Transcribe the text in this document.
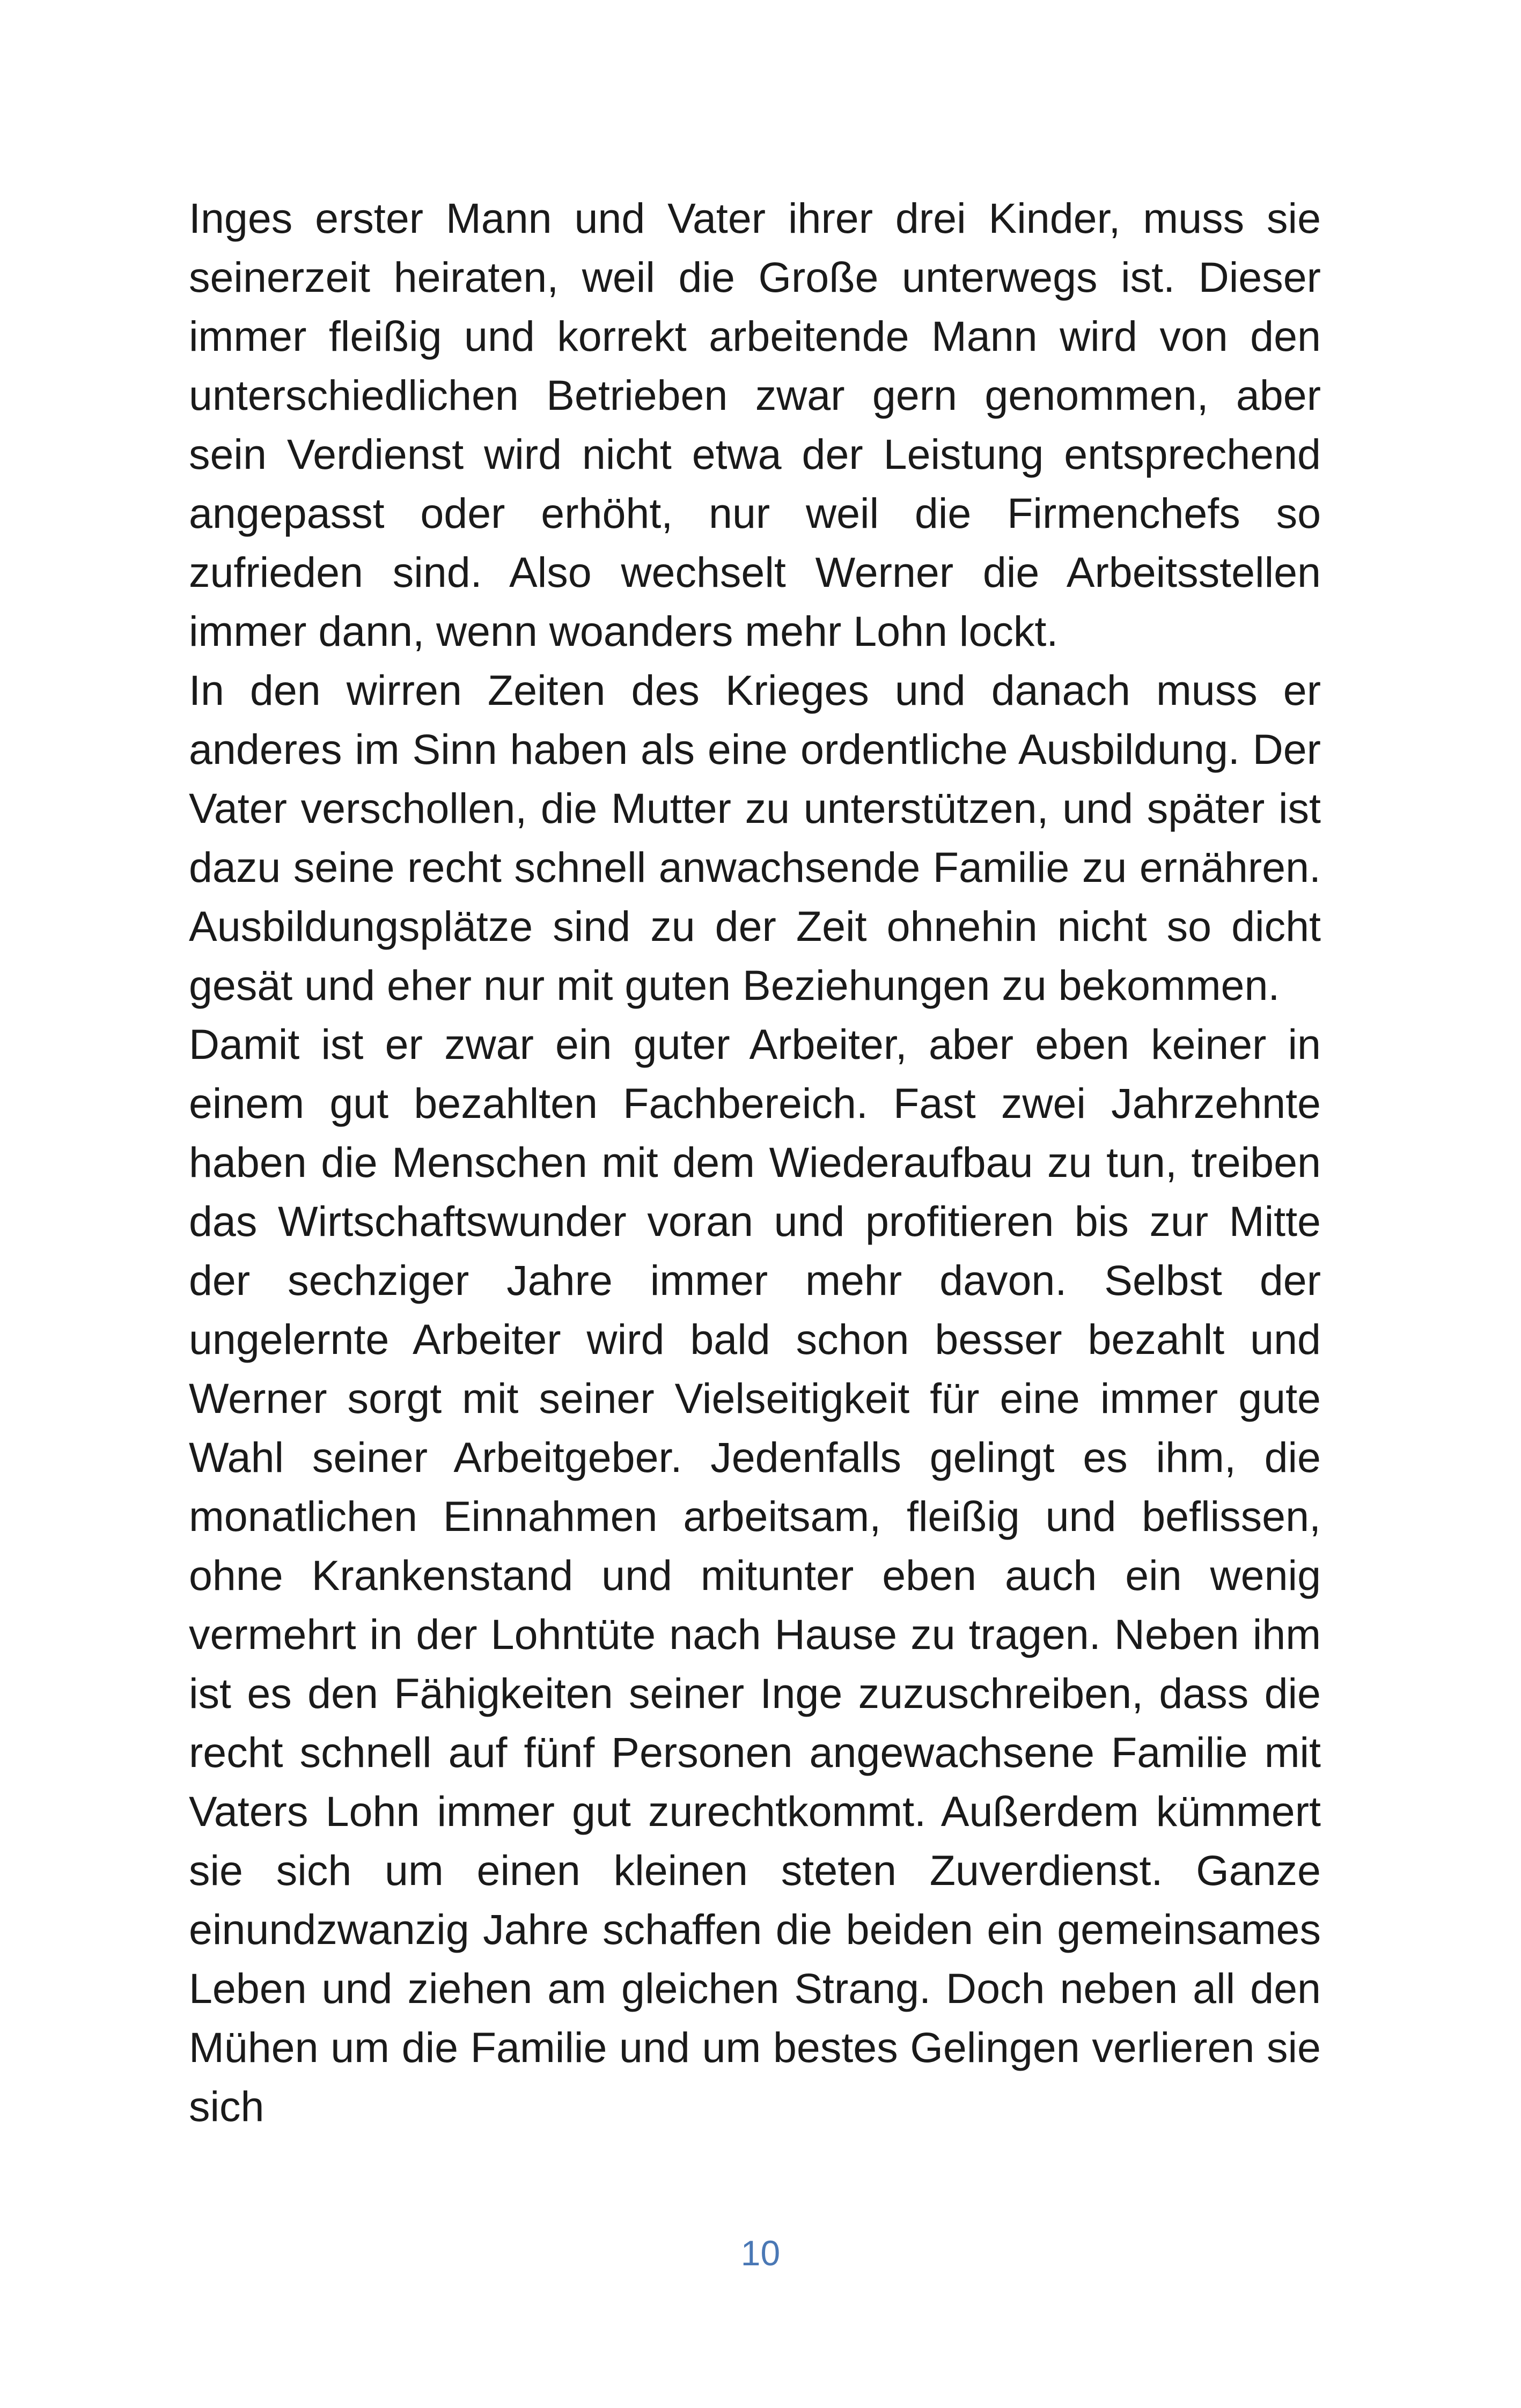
Inges erster Mann und Vater ihrer drei Kinder, muss sie seinerzeit heiraten, weil die Große unterwegs ist. Dieser immer fleißig und korrekt arbeitende Mann wird von den unterschiedlichen Betrieben zwar gern genommen, aber sein Verdienst wird nicht etwa der Leistung entsprechend angepasst oder erhöht, nur weil die Firmenchefs so zufrieden sind. Also wechselt Werner die Arbeitsstellen immer dann, wenn woanders mehr Lohn lockt.

In den wirren Zeiten des Krieges und danach muss er anderes im Sinn haben als eine ordentliche Ausbildung. Der Vater verschollen, die Mutter zu unterstützen, und später ist dazu seine recht schnell anwachsende Familie zu ernähren. Ausbildungsplätze sind zu der Zeit ohnehin nicht so dicht gesät und eher nur mit guten Beziehungen zu bekommen.

Damit ist er zwar ein guter Arbeiter, aber eben keiner in einem gut bezahlten Fachbereich. Fast zwei Jahrzehnte haben die Menschen mit dem Wiederaufbau zu tun, treiben das Wirtschaftswunder voran und profitieren bis zur Mitte der sechziger Jahre immer mehr davon. Selbst der ungelernte Arbeiter wird bald schon besser bezahlt und Werner sorgt mit seiner Vielseitigkeit für eine immer gute Wahl seiner Arbeitgeber. Jedenfalls gelingt es ihm, die monatlichen Einnahmen arbeitsam, fleißig und beflissen, ohne Krankenstand und mitunter eben auch ein wenig vermehrt in der Lohntüte nach Hause zu tragen. Neben ihm ist es den Fähigkeiten seiner Inge zuzuschreiben, dass die recht schnell auf fünf Personen angewachsene Familie mit Vaters Lohn immer gut zurechtkommt. Außerdem kümmert sie sich um einen kleinen steten Zuverdienst. Ganze einundzwanzig Jahre schaffen die beiden ein gemeinsames Leben und ziehen am gleichen Strang. Doch neben all den Mühen um die Familie und um bestes Gelingen verlieren sie sich

10
